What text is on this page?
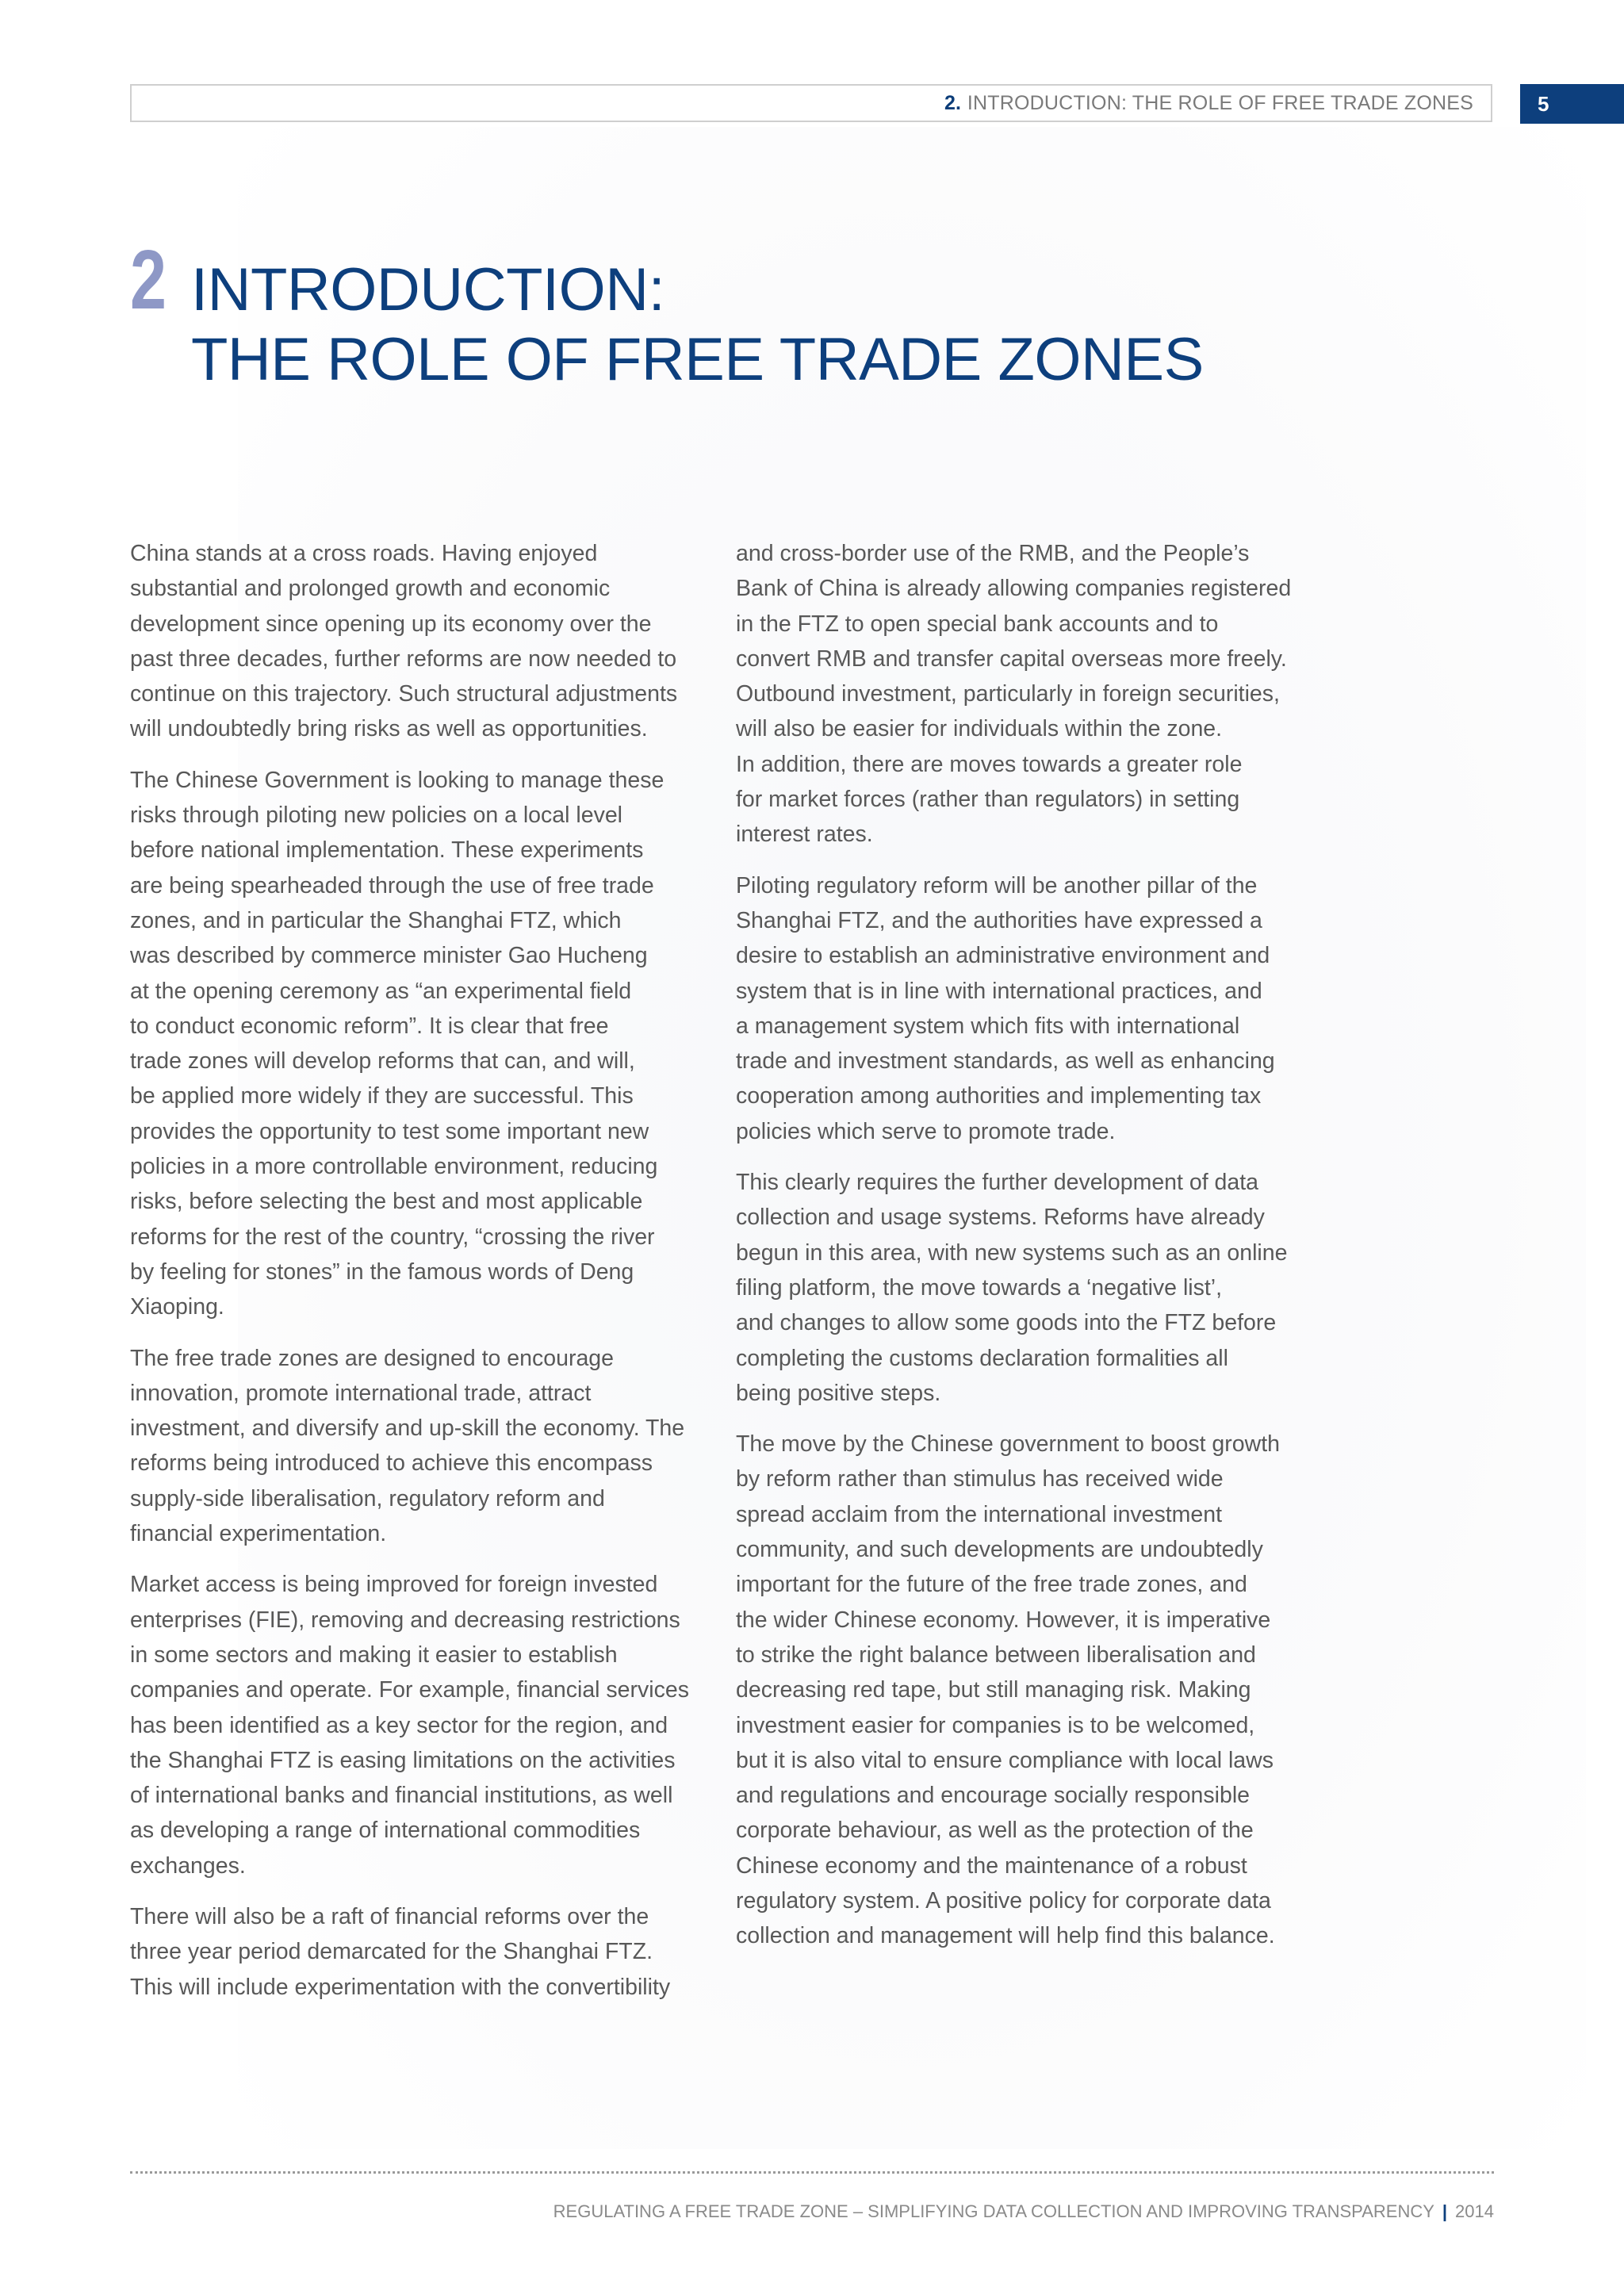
2. INTRODUCTION: THE ROLE OF FREE TRADE ZONES	5
2 INTRODUCTION:
THE ROLE OF FREE TRADE ZONES

China stands at a cross roads. Having enjoyed
substantial and prolonged growth and economic
development since opening up its economy over the
past three decades, further reforms are now needed to
continue on this trajectory. Such structural adjustments
will undoubtedly bring risks as well as opportunities.

The Chinese Government is looking to manage these
risks through piloting new policies on a local level
before national implementation. These experiments
are being spearheaded through the use of free trade
zones, and in particular the Shanghai FTZ, which
was described by commerce minister Gao Hucheng
at the opening ceremony as “an experimental field
to conduct economic reform”. It is clear that free
trade zones will develop reforms that can, and will,
be applied more widely if they are successful. This
provides the opportunity to test some important new
policies in a more controllable environment, reducing
risks, before selecting the best and most applicable
reforms for the rest of the country, “crossing the river
by feeling for stones” in the famous words of Deng
Xiaoping.

The free trade zones are designed to encourage
innovation, promote international trade, attract
investment, and diversify and up-skill the economy. The
reforms being introduced to achieve this encompass
supply-side liberalisation, regulatory reform and
financial experimentation.

Market access is being improved for foreign invested
enterprises (FIE), removing and decreasing restrictions
in some sectors and making it easier to establish
companies and operate. For example, financial services
has been identified as a key sector for the region, and
the Shanghai FTZ is easing limitations on the activities
of international banks and financial institutions, as well
as developing a range of international commodities
exchanges.

There will also be a raft of financial reforms over the
three year period demarcated for the Shanghai FTZ.
This will include experimentation with the convertibility

and cross-border use of the RMB, and the People’s
Bank of China is already allowing companies registered
in the FTZ to open special bank accounts and to
convert RMB and transfer capital overseas more freely.
Outbound investment, particularly in foreign securities,
will also be easier for individuals within the zone.
In addition, there are moves towards a greater role
for market forces (rather than regulators) in setting
interest rates.

Piloting regulatory reform will be another pillar of the
Shanghai FTZ, and the authorities have expressed a
desire to establish an administrative environment and
system that is in line with international practices, and
a management system which fits with international
trade and investment standards, as well as enhancing
cooperation among authorities and implementing tax
policies which serve to promote trade.

This clearly requires the further development of data
collection and usage systems. Reforms have already
begun in this area, with new systems such as an online
filing platform, the move towards a ‘negative list’,
and changes to allow some goods into the FTZ before
completing the customs declaration formalities all
being positive steps.

The move by the Chinese government to boost growth
by reform rather than stimulus has received wide
spread acclaim from the international investment
community, and such developments are undoubtedly
important for the future of the free trade zones, and
the wider Chinese economy. However, it is imperative
to strike the right balance between liberalisation and
decreasing red tape, but still managing risk. Making
investment easier for companies is to be welcomed,
but it is also vital to ensure compliance with local laws
and regulations and encourage socially responsible
corporate behaviour, as well as the protection of the
Chinese economy and the maintenance of a robust
regulatory system. A positive policy for corporate data
collection and management will help find this balance.

REGULATING A FREE TRADE ZONE – SIMPLIFYING DATA COLLECTION AND IMPROVING TRANSPARENCY | 2014
